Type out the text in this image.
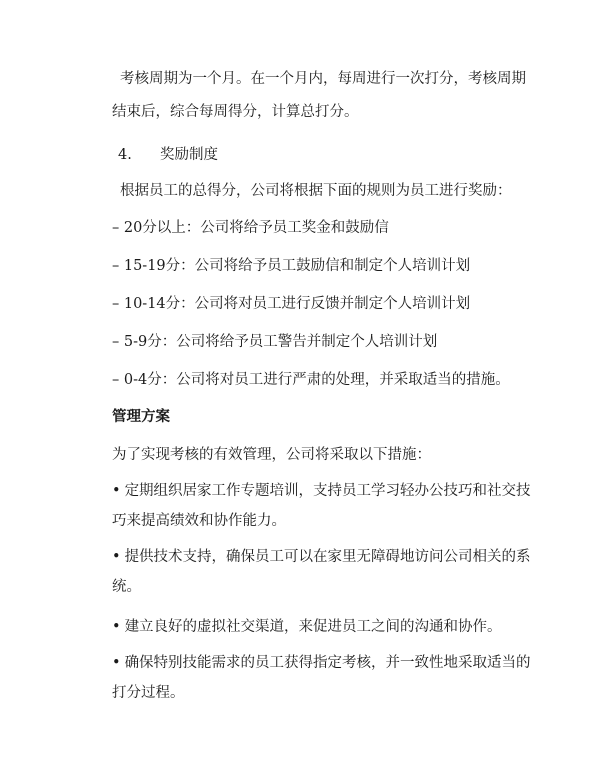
考核周期为一个月。在一个月内，每周进行一次打分，考核周期
结束后，综合每周得分，计算总打分。
4. 奖励制度
根据员工的总得分，公司将根据下面的规则为员工进行奖励：
– 20分以上：公司将给予员工奖金和鼓励信
– 15-19分：公司将给予员工鼓励信和制定个人培训计划
– 10-14分：公司将对员工进行反馈并制定个人培训计划
– 5-9分：公司将给予员工警告并制定个人培训计划
– 0-4分：公司将对员工进行严肃的处理，并采取适当的措施。
管理方案
为了实现考核的有效管理，公司将采取以下措施：
• 定期组织居家工作专题培训，支持员工学习轻办公技巧和社交技
巧来提高绩效和协作能力。
• 提供技术支持，确保员工可以在家里无障碍地访问公司相关的系
统。
• 建立良好的虚拟社交渠道，来促进员工之间的沟通和协作。
• 确保特别技能需求的员工获得指定考核，并一致性地采取适当的
打分过程。
